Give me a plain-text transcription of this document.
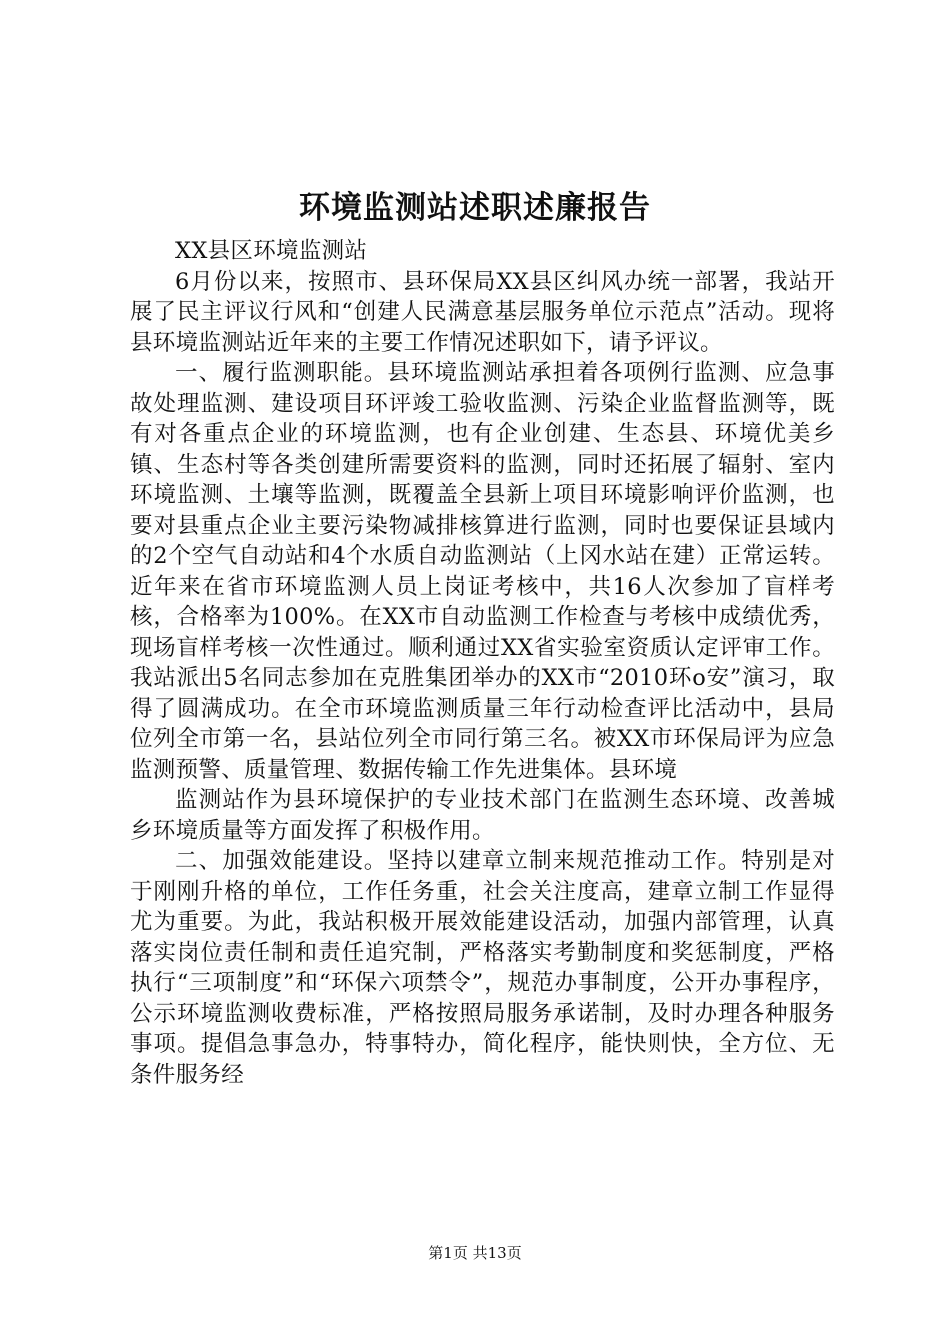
环境监测站述职述廉报告

XX县区环境监测站

6月份以来，按照市、县环保局XX县区纠风办统一部署，我站开展了民主评议行风和“创建人民满意基层服务单位示范点”活动。现将县环境监测站近年来的主要工作情况述职如下，请予评议。

一、履行监测职能。县环境监测站承担着各项例行监测、应急事故处理监测、建设项目环评竣工验收监测、污染企业监督监测等，既有对各重点企业的环境监测，也有企业创建、生态县、环境优美乡镇、生态村等各类创建所需要资料的监测，同时还拓展了辐射、室内环境监测、土壤等监测，既覆盖全县新上项目环境影响评价监测，也要对县重点企业主要污染物减排核算进行监测，同时也要保证县域内的2个空气自动站和4个水质自动监测站（上冈水站在建）正常运转。近年来在省市环境监测人员上岗证考核中，共16人次参加了盲样考核，合格率为100%。在XX市自动监测工作检查与考核中成绩优秀，现场盲样考核一次性通过。顺利通过XX省实验室资质认定评审工作。我站派出5名同志参加在克胜集团举办的XX市“2010环o安”演习，取得了圆满成功。在全市环境监测质量三年行动检查评比活动中，县局位列全市第一名，县站位列全市同行第三名。被XX市环保局评为应急监测预警、质量管理、数据传输工作先进集体。县环境

监测站作为县环境保护的专业技术部门在监测生态环境、改善城乡环境质量等方面发挥了积极作用。

二、加强效能建设。坚持以建章立制来规范推动工作。特别是对于刚刚升格的单位，工作任务重，社会关注度高，建章立制工作显得尤为重要。为此，我站积极开展效能建设活动，加强内部管理，认真落实岗位责任制和责任追究制，严格落实考勤制度和奖惩制度，严格执行“三项制度”和“环保六项禁令”，规范办事制度，公开办事程序，公示环境监测收费标准，严格按照局服务承诺制，及时办理各种服务事项。提倡急事急办，特事特办，简化程序，能快则快，全方位、无条件服务经

第1页 共13页
